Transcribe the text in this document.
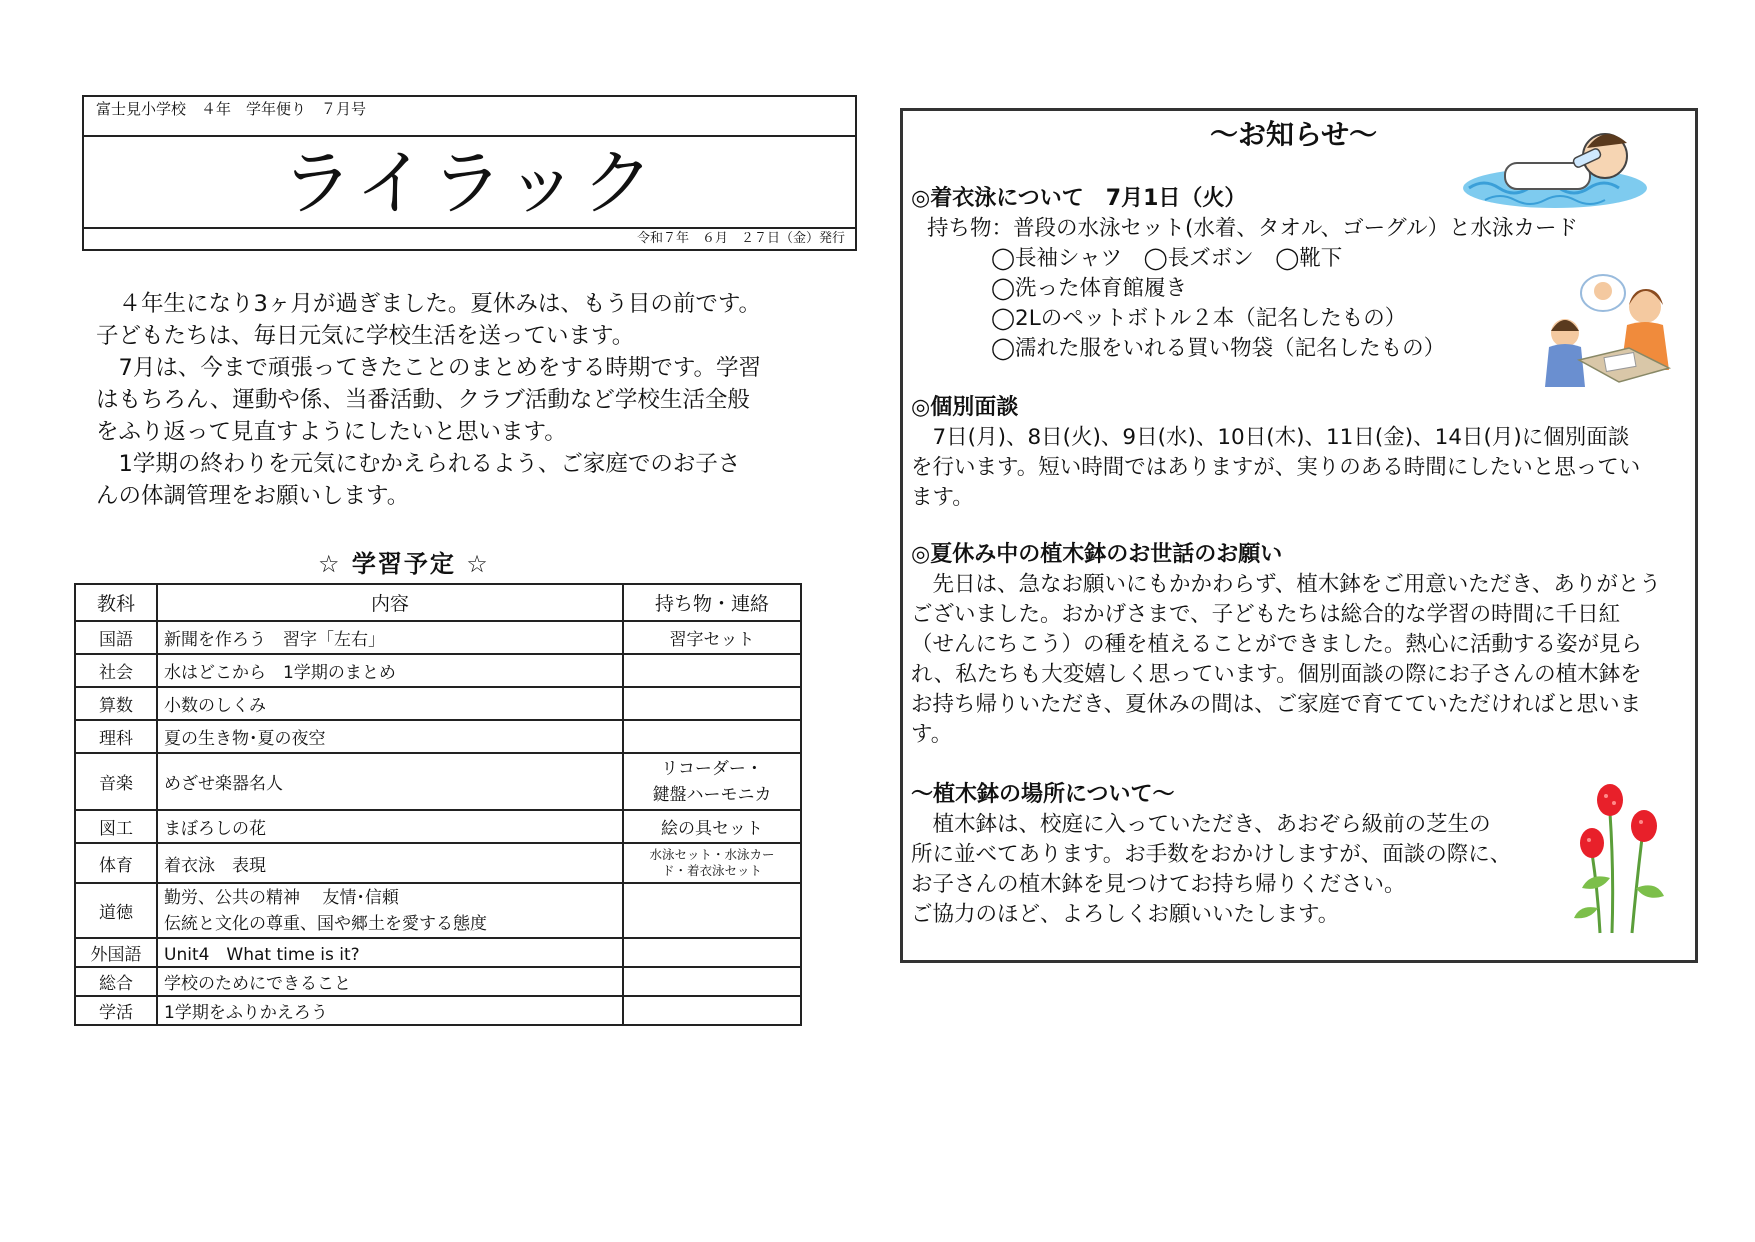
富士見小学校　４年　学年便り　７月号
ライラック
令和７年　６月　２７日（金）発行

　４年生になり3ヶ月が過ぎました。夏休みは、もう目の前です。

子どもたちは、毎日元気に学校生活を送っています。

　7月は、今まで頑張ってきたことのまとめをする時期です。学習

はもちろん、運動や係、当番活動、クラブ活動など学校生活全般

をふり返って見直すようにしたいと思います。

　1学期の終わりを元気にむかえられるよう、ご家庭でのお子さ

んの体調管理をお願いします。

☆ 学習予定 ☆
教科	内容	持ち物・連絡
国語	新聞を作ろう　習字「左右」	習字セット
社会	水はどこから　1学期のまとめ	
算数	小数のしくみ	
理科	夏の生き物･夏の夜空	
音楽	めざせ楽器名人	リコーダー・
鍵盤ハーモニカ
図工	まぼろしの花	絵の具セット
体育	着衣泳　表現	水泳セット・水泳カー
ド・着衣泳セット
道徳	勤労、公共の精神　 友情･信頼
伝統と文化の尊重、国や郷土を愛する態度	
外国語	Unit4　What time is it?	
総合	学校のためにできること	
学活	1学期をふりかえろう	
～お知らせ～

◎着衣泳について　7月1日（火）

持ち物：普段の水泳セット(水着、タオル、ゴーグル）と水泳カード

◯長袖シャツ　◯長ズボン　◯靴下

◯洗った体育館履き

◯2Lのペットボトル２本（記名したもの）

◯濡れた服をいれる買い物袋（記名したもの）

◎個別面談

　7日(月)、8日(火)、9日(水)、10日(木)、11日(金)、14日(月)に個別面談

を行います。短い時間ではありますが、実りのある時間にしたいと思ってい

ます。

◎夏休み中の植木鉢のお世話のお願い

　先日は、急なお願いにもかかわらず、植木鉢をご用意いただき、ありがとう

ございました。おかげさまで、子どもたちは総合的な学習の時間に千日紅

（せんにちこう）の種を植えることができました。熱心に活動する姿が見ら

れ、私たちも大変嬉しく思っています。個別面談の際にお子さんの植木鉢を

お持ち帰りいただき、夏休みの間は、ご家庭で育てていただければと思いま

す。

～植木鉢の場所について～

　植木鉢は、校庭に入っていただき、あおぞら級前の芝生の

所に並べてあります。お手数をおかけしますが、面談の際に、

お子さんの植木鉢を見つけてお持ち帰りください。

ご協力のほど、よろしくお願いいたします。
